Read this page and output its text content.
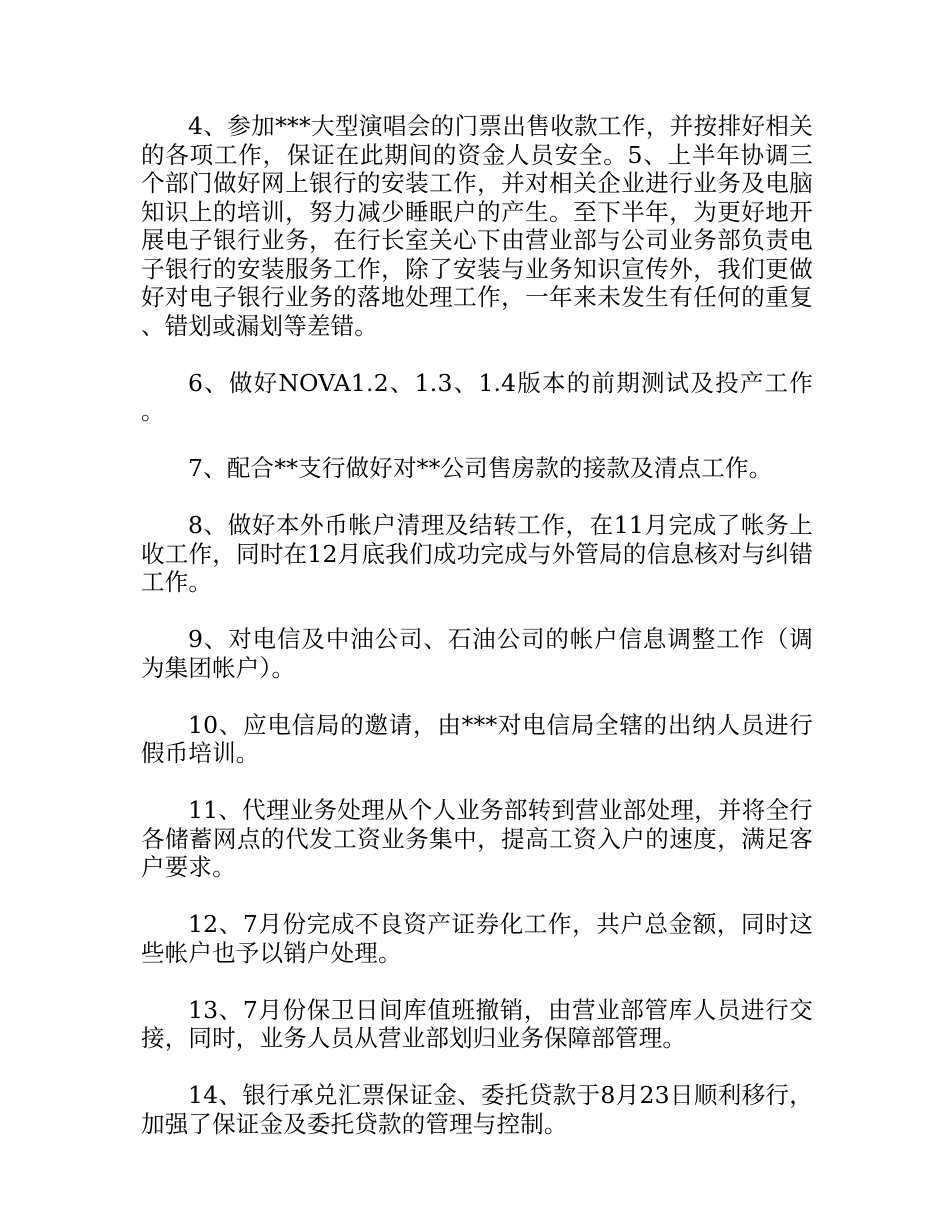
4、参加***大型演唱会的门票出售收款工作，并按排好相关的各项工作，保证在此期间的资金人员安全。5、上半年协调三个部门做好网上银行的安装工作，并对相关企业进行业务及电脑知识上的培训，努力减少睡眠户的产生。至下半年，为更好地开展电子银行业务，在行长室关心下由营业部与公司业务部负责电子银行的安装服务工作，除了安装与业务知识宣传外，我们更做好对电子银行业务的落地处理工作，一年来未发生有任何的重复、错划或漏划等差错。

6、做好NOVA1.2、1.3、1.4版本的前期测试及投产工作。

7、配合**支行做好对**公司售房款的接款及清点工作。

8、做好本外币帐户清理及结转工作，在11月完成了帐务上收工作，同时在12月底我们成功完成与外管局的信息核对与纠错工作。

9、对电信及中油公司、石油公司的帐户信息调整工作（调为集团帐户）。

10、应电信局的邀请，由***对电信局全辖的出纳人员进行假币培训。

11、代理业务处理从个人业务部转到营业部处理，并将全行各储蓄网点的代发工资业务集中，提高工资入户的速度，满足客户要求。

12、7月份完成不良资产证券化工作，共户总金额，同时这些帐户也予以销户处理。

13、7月份保卫日间库值班撤销，由营业部管库人员进行交接，同时，业务人员从营业部划归业务保障部管理。

14、银行承兑汇票保证金、委托贷款于8月23日顺利移行，加强了保证金及委托贷款的管理与控制。
